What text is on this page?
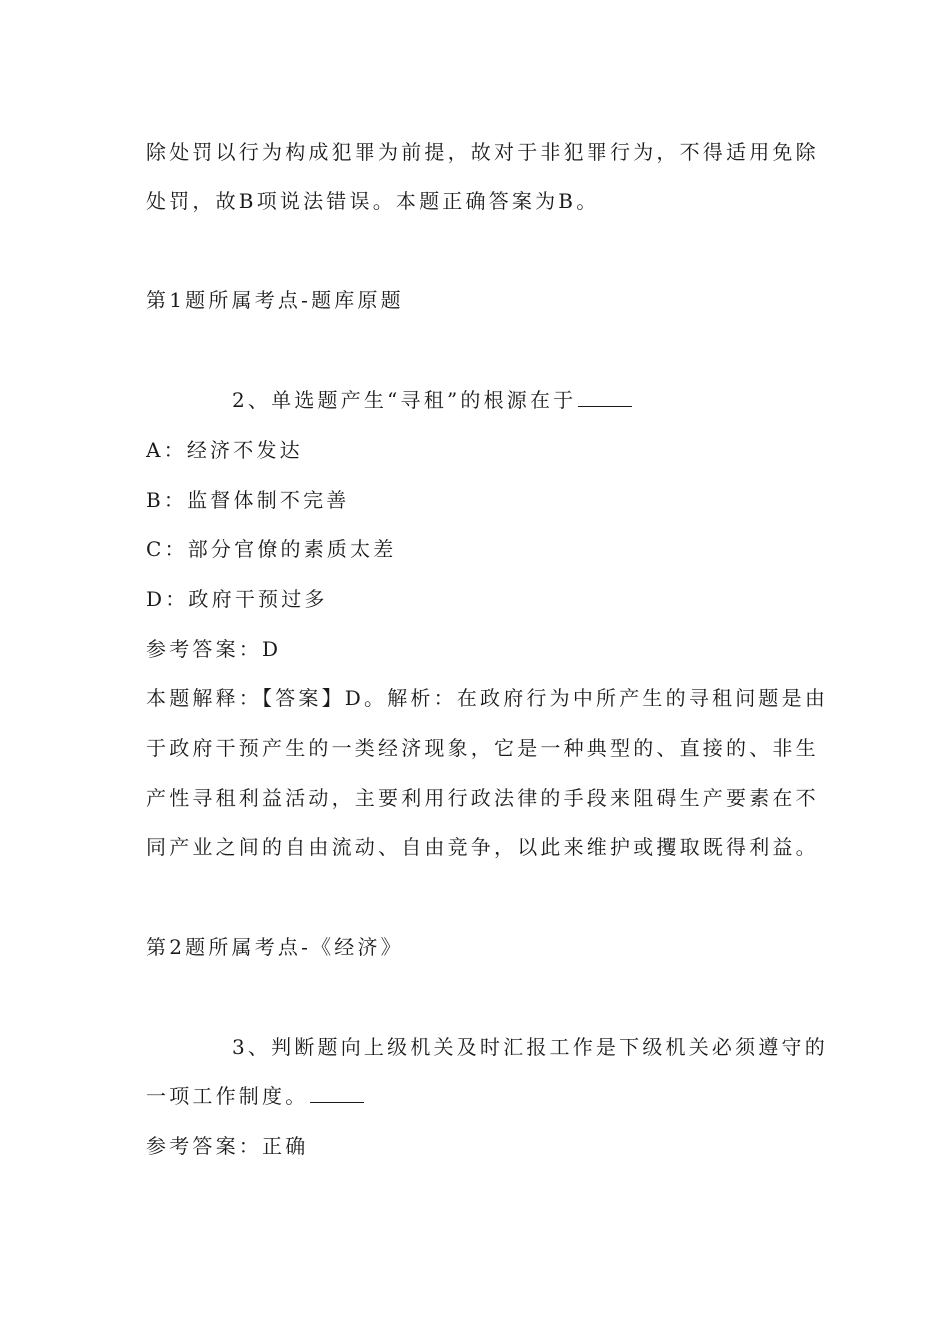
除处罚以行为构成犯罪为前提，故对于非犯罪行为，不得适用免除
处罚，故B项说法错误。本题正确答案为B。
第1题所属考点-题库原题
2、单选题产生“寻租”的根源在于
A：经济不发达
B：监督体制不完善
C：部分官僚的素质太差
D：政府干预过多
参考答案：D
本题解释：【答案】D。解析：在政府行为中所产生的寻租问题是由
于政府干预产生的一类经济现象，它是一种典型的、直接的、非生
产性寻租利益活动，主要利用行政法律的手段来阻碍生产要素在不
同产业之间的自由流动、自由竞争，以此来维护或攫取既得利益。
第2题所属考点-《经济》
3、判断题向上级机关及时汇报工作是下级机关必须遵守的
一项工作制度。
参考答案：正确
